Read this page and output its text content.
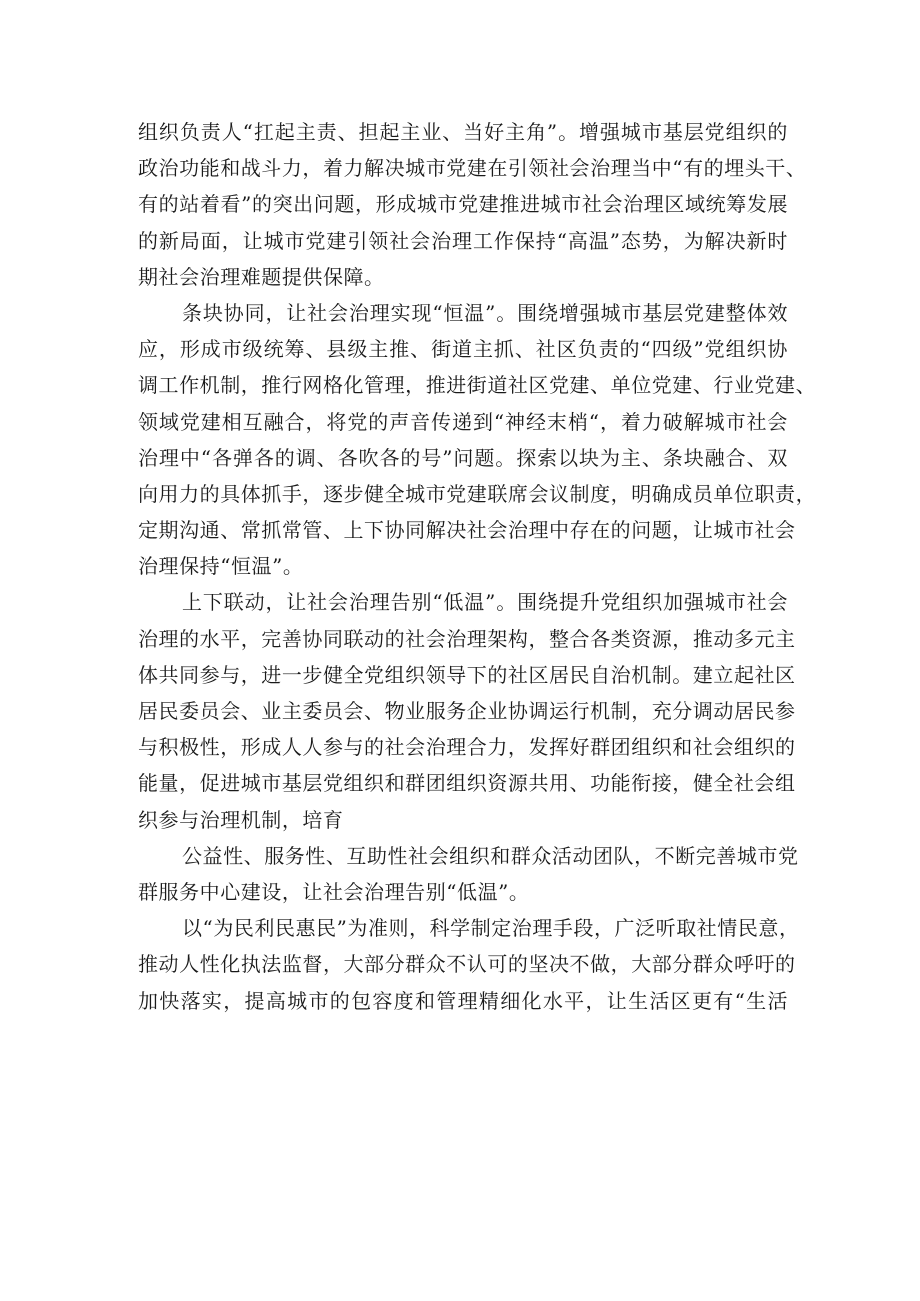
组织负责人“扛起主责、担起主业、当好主角”。增强城市基层党组织的
政治功能和战斗力，着力解决城市党建在引领社会治理当中“有的埋头干、
有的站着看”的突出问题，形成城市党建推进城市社会治理区域统筹发展
的新局面，让城市党建引领社会治理工作保持“高温”态势，为解决新时
期社会治理难题提供保障。
条块协同，让社会治理实现“恒温”。围绕增强城市基层党建整体效
应，形成市级统筹、县级主推、街道主抓、社区负责的“四级”党组织协
调工作机制，推行网格化管理，推进街道社区党建、单位党建、行业党建、
领域党建相互融合，将党的声音传递到“神经末梢“，着力破解城市社会
治理中“各弹各的调、各吹各的号”问题。探索以块为主、条块融合、双
向用力的具体抓手，逐步健全城市党建联席会议制度，明确成员单位职责，
定期沟通、常抓常管、上下协同解决社会治理中存在的问题，让城市社会
治理保持“恒温”。
上下联动，让社会治理告别“低温”。围绕提升党组织加强城市社会
治理的水平，完善协同联动的社会治理架构，整合各类资源，推动多元主
体共同参与，进一步健全党组织领导下的社区居民自治机制。建立起社区
居民委员会、业主委员会、物业服务企业协调运行机制，充分调动居民参
与积极性，形成人人参与的社会治理合力，发挥好群团组织和社会组织的
能量，促进城市基层党组织和群团组织资源共用、功能衔接，健全社会组
织参与治理机制，培育
公益性、服务性、互助性社会组织和群众活动团队，不断完善城市党
群服务中心建设，让社会治理告别“低温”。
以“为民利民惠民”为准则，科学制定治理手段，广泛听取社情民意，
推动人性化执法监督，大部分群众不认可的坚决不做，大部分群众呼吁的
加快落实，提高城市的包容度和管理精细化水平，让生活区更有“生活
